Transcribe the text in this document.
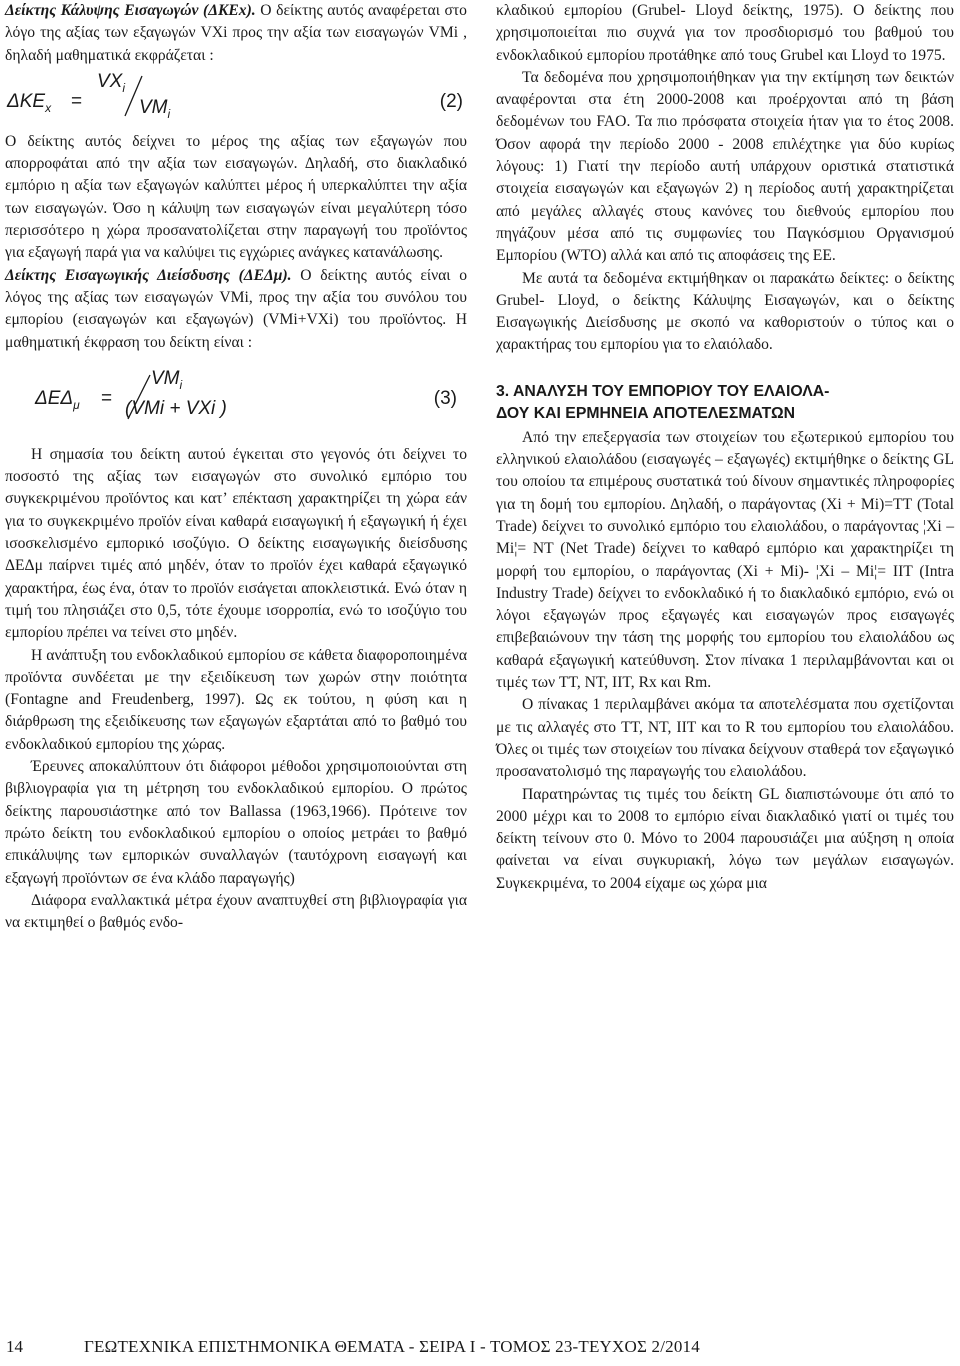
Δείκτης Κάλυψης Εισαγωγών (ΔΚΕx). Ο δείκτης αυτός αναφέρεται στο λόγο της αξίας των εξαγωγών VXi προς την αξία των εισαγωγών VMi , δηλαδή μαθηματικά εκφράζεται :

$\Delta KE_x$ =
$VX_i$
$VM_i$
(2)

Ο δείκτης αυτός δείχνει το μέρος της αξίας των εξαγωγών που απορροφάται από την αξία των εισαγωγών. Δηλαδή, στο διακλαδικό εμπόριο η αξία των εξαγωγών καλύπτει μέρος ή υπερκαλύπτει την αξία των εισαγωγών. Όσο η κάλυψη των εισαγωγών είναι μεγαλύτερη τόσο περισσότερο η χώρα προσανατολίζεται στην παραγωγή του προϊόντος για εξαγωγή παρά για να καλύψει τις εγχώριες ανάγκες κατανάλωσης.

Δείκτης Εισαγωγικής Διείσδυσης (ΔΕΔμ). Ο δείκτης αυτός είναι ο λόγος της αξίας των εισαγωγών VMi, προς την αξία του συνόλου του εμπορίου (εισαγωγών και εξαγωγών) (VMi+VXi) του προϊόντος. Η μαθηματική έκφραση του δείκτη είναι :

$\Delta E\Delta_\mu$ =
$VM_i$
(VMi + VXi )	(3)

Η σημασία του δείκτη αυτού έγκειται στο γεγονός ότι δείχνει το ποσοστό της αξίας των εισαγωγών στο συνολικό εμπόριο του συγκεκριμένου προϊόντος και κατ’ επέκταση χαρακτηρίζει τη χώρα εάν για το συγκεκριμένο προϊόν είναι καθαρά εισαγωγική ή εξαγωγική ή έχει ισοσκελισμένο εμπορικό ισοζύγιο. Ο δείκτης εισαγωγικής διείσδυσης ΔΕΔμ παίρνει τιμές από μηδέν, όταν το προϊόν έχει καθαρά εξαγωγικό χαρακτήρα, έως ένα, όταν το προϊόν εισάγεται αποκλειστικά. Ενώ όταν η τιμή του πλησιάζει στο 0,5, τότε έχουμε ισορροπία, ενώ το ισοζύγιο του εμπορίου πρέπει να τείνει στο μηδέν.

Η ανάπτυξη του ενδοκλαδικού εμπορίου σε κάθετα διαφοροποιημένα προϊόντα συνδέεται με την εξειδίκευση των χωρών στην ποιότητα (Fontagne and Freudenberg, 1997). Ως εκ τούτου, η φύση και η διάρθρωση της εξειδίκευσης των εξαγωγών εξαρτάται από το βαθμό του ενδοκλαδικού εμπορίου της χώρας.

Έρευνες αποκαλύπτουν ότι διάφοροι μέθοδοι χρησιμοποιούνται στη βιβλιογραφία για τη μέτρηση του ενδοκλαδικού εμπορίου. Ο πρώτος δείκτης παρουσιάστηκε από τον Ballassa (1963,1966). Πρότεινε τον πρώτο δείκτη του ενδοκλαδικού εμπορίου ο οποίος μετράει το βαθμό επικάλυψης των εμπορικών συναλλαγών (ταυτόχρονη εισαγωγή και εξαγωγή προϊόντων σε ένα κλάδο παραγωγής)

Διάφορα εναλλακτικά μέτρα έχουν αναπτυχθεί στη βιβλιογραφία για να εκτιμηθεί ο βαθμός ενδο-

κλαδικού εμπορίου (Grubel- Lloyd δείκτης, 1975). Ο δείκτης που χρησιμοποιείται πιο συχνά για τον προσδιορισμό του βαθμού του ενδοκλαδικού εμπορίου προτάθηκε από τους Grubel και Lloyd το 1975.

Τα δεδομένα που χρησιμοποιήθηκαν για την εκτίμηση των δεικτών αναφέρονται στα έτη 2000-2008 και προέρχονται από τη βάση δεδομένων του FAO. Τα πιο πρόσφατα στοιχεία ήταν για το έτος 2008. Όσον αφορά την περίοδο 2000 - 2008 επιλέχτηκε για δύο κυρίως λόγους: 1) Γιατί την περίοδο αυτή υπάρχουν οριστικά στατιστικά στοιχεία εισαγωγών και εξαγωγών 2) η περίοδος αυτή χαρακτηρίζεται από μεγάλες αλλαγές στους κανόνες του διεθνούς εμπορίου που πηγάζουν μέσα από τις συμφωνίες του Παγκόσμιου Οργανισμού Εμπορίου (WTO) αλλά και από τις αποφάσεις της ΕΕ.

Με αυτά τα δεδομένα εκτιμήθηκαν οι παρακάτω δείκτες: ο δείκτης Grubel- Lloyd, ο δείκτης Κάλυψης Εισαγωγών, και ο δείκτης Εισαγωγικής Διείσδυσης με σκοπό να καθοριστούν ο τύπος και ο χαρακτήρας του εμπορίου για το ελαιόλαδο.

3. ΑΝΑΛΥΣΗ ΤΟΥ ΕΜΠΟΡΙΟΥ ΤΟΥ ΕΛΑΙΟΛΑ-
ΔΟΥ ΚΑΙ ΕΡΜΗΝΕΙΑ ΑΠΟΤΕΛΕΣΜΑΤΩΝ

Από την επεξεργασία των στοιχείων του εξωτερικού εμπορίου του ελληνικού ελαιολάδου (εισαγωγές – εξαγωγές) εκτιμήθηκε ο δείκτης GL του οποίου τα επιμέρους συστατικά τού δίνουν σημαντικές πληροφορίες για τη δομή του εμπορίου. Δηλαδή, ο παράγοντας (Xi + Mi)=TT (Total Trade) δείχνει το συνολικό εμπόριο του ελαιολάδου, ο παράγοντας ¦Xi – Mi¦= NT (Net Trade) δείχνει το καθαρό εμπόριο και χαρακτηρίζει τη μορφή του εμπορίου, ο παράγοντας (Xi + Mi)- ¦Xi – Mi¦= IIT (Intra Industry Trade) δείχνει το ενδοκλαδικό ή το διακλαδικό εμπόριο, ενώ οι λόγοι εξαγωγών προς εξαγωγές και εισαγωγών προς εισαγωγές επιβεβαιώνουν την τάση της μορφής του εμπορίου του ελαιολάδου ως καθαρά εξαγωγική κατεύθυνση. Στον πίνακα 1 περιλαμβάνονται και οι τιμές των TT, NT, IIT, Rx και Rm.

O πίνακας 1 περιλαμβάνει ακόμα τα αποτελέσματα που σχετίζονται με τις αλλαγές στο TT, NT, IIT και το R του εμπορίου του ελαιολάδου. Όλες οι τιμές των στοιχείων του πίνακα δείχνουν σταθερά τον εξαγωγικό προσανατολισμό της παραγωγής του ελαιολάδου.

Παρατηρώντας τις τιμές του δείκτη GL διαπιστώνουμε ότι από το 2000 μέχρι και το 2008 το εμπόριο είναι διακλαδικό γιατί οι τιμές του δείκτη τείνουν στο 0. Μόνο το 2004 παρουσιάζει μια αύξηση η οποία φαίνεται να είναι συγκυριακή, λόγω των μεγάλων εισαγωγών. Συγκεκριμένα, το 2004 είχαμε ως χώρα μια

14	ΓΕΩΤΕΧΝΙΚΑ ΕΠΙΣΤΗΜΟΝΙΚΑ ΘΕΜΑΤΑ - ΣΕΙΡΑ Ι - ΤΟΜΟΣ 23-ΤΕΥΧΟΣ 2/2014
